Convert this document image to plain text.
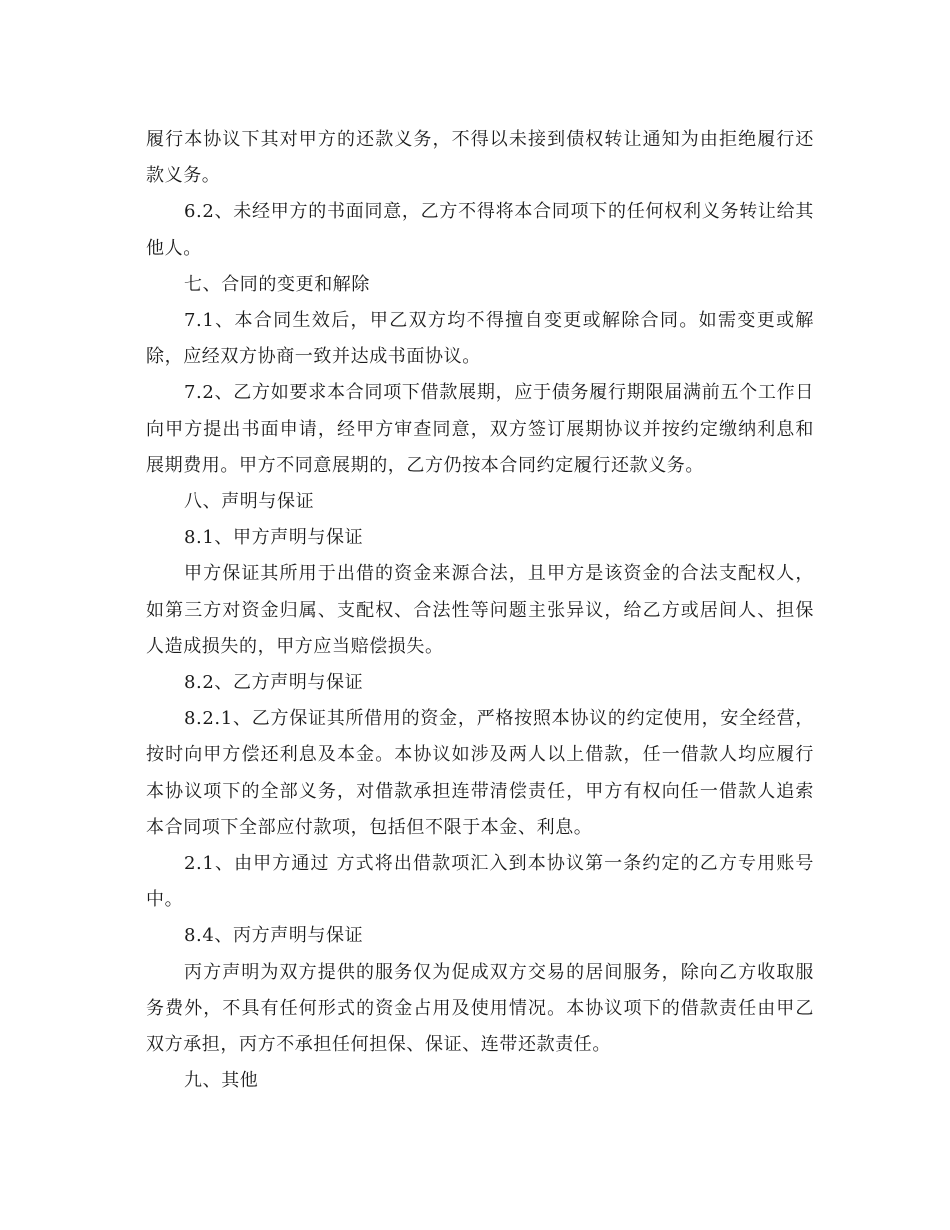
履行本协议下其对甲方的还款义务，不得以未接到债权转让通知为由拒绝履行还款义务。

6.2、未经甲方的书面同意，乙方不得将本合同项下的任何权利义务转让给其他人。

七、合同的变更和解除

7.1、本合同生效后，甲乙双方均不得擅自变更或解除合同。如需变更或解除，应经双方协商一致并达成书面协议。

7.2、乙方如要求本合同项下借款展期，应于债务履行期限届满前五个工作日向甲方提出书面申请，经甲方审查同意，双方签订展期协议并按约定缴纳利息和展期费用。甲方不同意展期的，乙方仍按本合同约定履行还款义务。

八、声明与保证

8.1、甲方声明与保证

甲方保证其所用于出借的资金来源合法，且甲方是该资金的合法支配权人，如第三方对资金归属、支配权、合法性等问题主张异议，给乙方或居间人、担保人造成损失的，甲方应当赔偿损失。

8.2、乙方声明与保证

8.2.1、乙方保证其所借用的资金，严格按照本协议的约定使用，安全经营，按时向甲方偿还利息及本金。本协议如涉及两人以上借款，任一借款人均应履行本协议项下的全部义务，对借款承担连带清偿责任，甲方有权向任一借款人追索本合同项下全部应付款项，包括但不限于本金、利息。

2.1、由甲方通过 方式将出借款项汇入到本协议第一条约定的乙方专用账号中。

8.4、丙方声明与保证

丙方声明为双方提供的服务仅为促成双方交易的居间服务，除向乙方收取服务费外，不具有任何形式的资金占用及使用情况。本协议项下的借款责任由甲乙双方承担，丙方不承担任何担保、保证、连带还款责任。

九、其他
